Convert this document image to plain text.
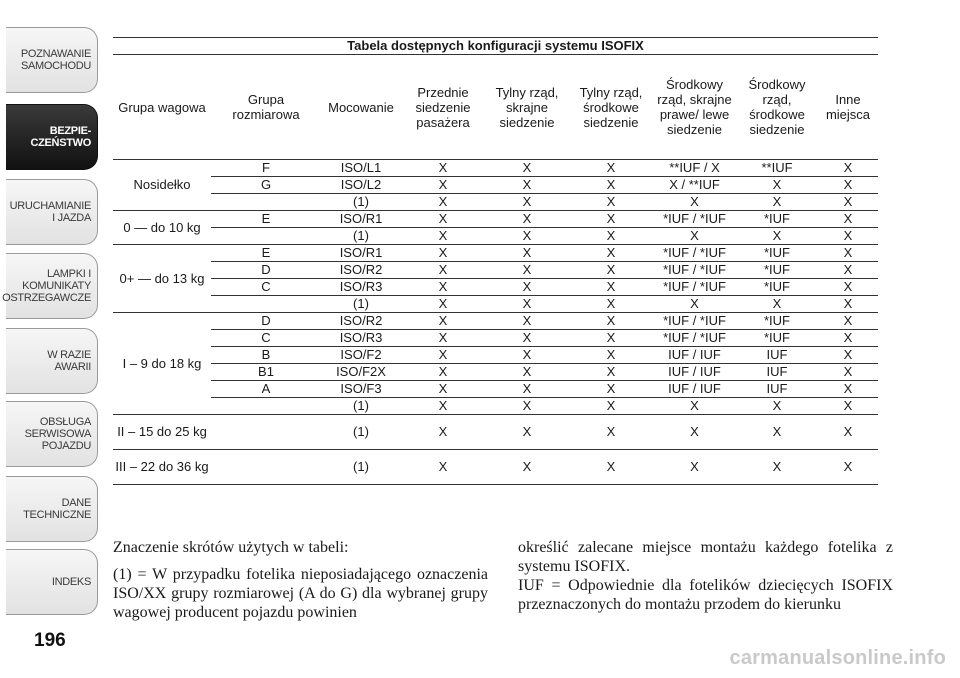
POZNAWANIE
SAMOCHODU
BEZPIE-
CZEŃSTWO
URUCHAMIANIE
I JAZDA
LAMPKI I
KOMUNIKATY
OSTRZEGAWCZE
W RAZIE
AWARII
OBSŁUGA
SERWISOWA
POJAZDU
DANE
TECHNICZNE
INDEKS
196
Tabela dostępnych konfiguracji systemu ISOFIX								
Grupa wagowa	Grupa rozmiarowa	Mocowanie	Przednie siedzenie pasażera	Tylny rząd, skrajne siedzenie	Tylny rząd, środkowe siedzenie	Środkowy rząd, skrajne prawe/ lewe siedzenie	Środkowy rząd, środkowe siedzenie	Inne miejsca
Nosidełko	F	ISO/L1	X	X	X	**IUF / X	**IUF	X
	G	ISO/L2	X	X	X	X / **IUF	X	X
		(1)	X	X	X	X	X	X
0 — do 10 kg	E	ISO/R1	X	X	X	*IUF / *IUF	*IUF	X
		(1)	X	X	X	X	X	X
0+ — do 13 kg	E	ISO/R1	X	X	X	*IUF / *IUF	*IUF	X
	D	ISO/R2	X	X	X	*IUF / *IUF	*IUF	X
	C	ISO/R3	X	X	X	*IUF / *IUF	*IUF	X
		(1)	X	X	X	X	X	X
I – 9 do 18 kg	D	ISO/R2	X	X	X	*IUF / *IUF	*IUF	X
	C	ISO/R3	X	X	X	*IUF / *IUF	*IUF	X
	B	ISO/F2	X	X	X	IUF / IUF	IUF	X
	B1	ISO/F2X	X	X	X	IUF / IUF	IUF	X
	A	ISO/F3	X	X	X	IUF / IUF	IUF	X
		(1)	X	X	X	X	X	X
II – 15 do 25 kg		(1)	X	X	X	X	X	X
III – 22 do 36 kg		(1)	X	X	X	X	X	X

Znaczenie skrótów użytych w tabeli:

(1) = W przypadku fotelika nieposiadającego oznaczenia ISO/XX grupy rozmiarowej (A do G) dla wybranej grupy wagowej producent pojazdu powinien

określić zalecane miejsce montażu każdego fotelika z systemu ISOFIX.

IUF = Odpowiednie dla fotelików dziecięcych ISOFIX przeznaczonych do montażu przodem do kierunku

carmanualsonline.info
